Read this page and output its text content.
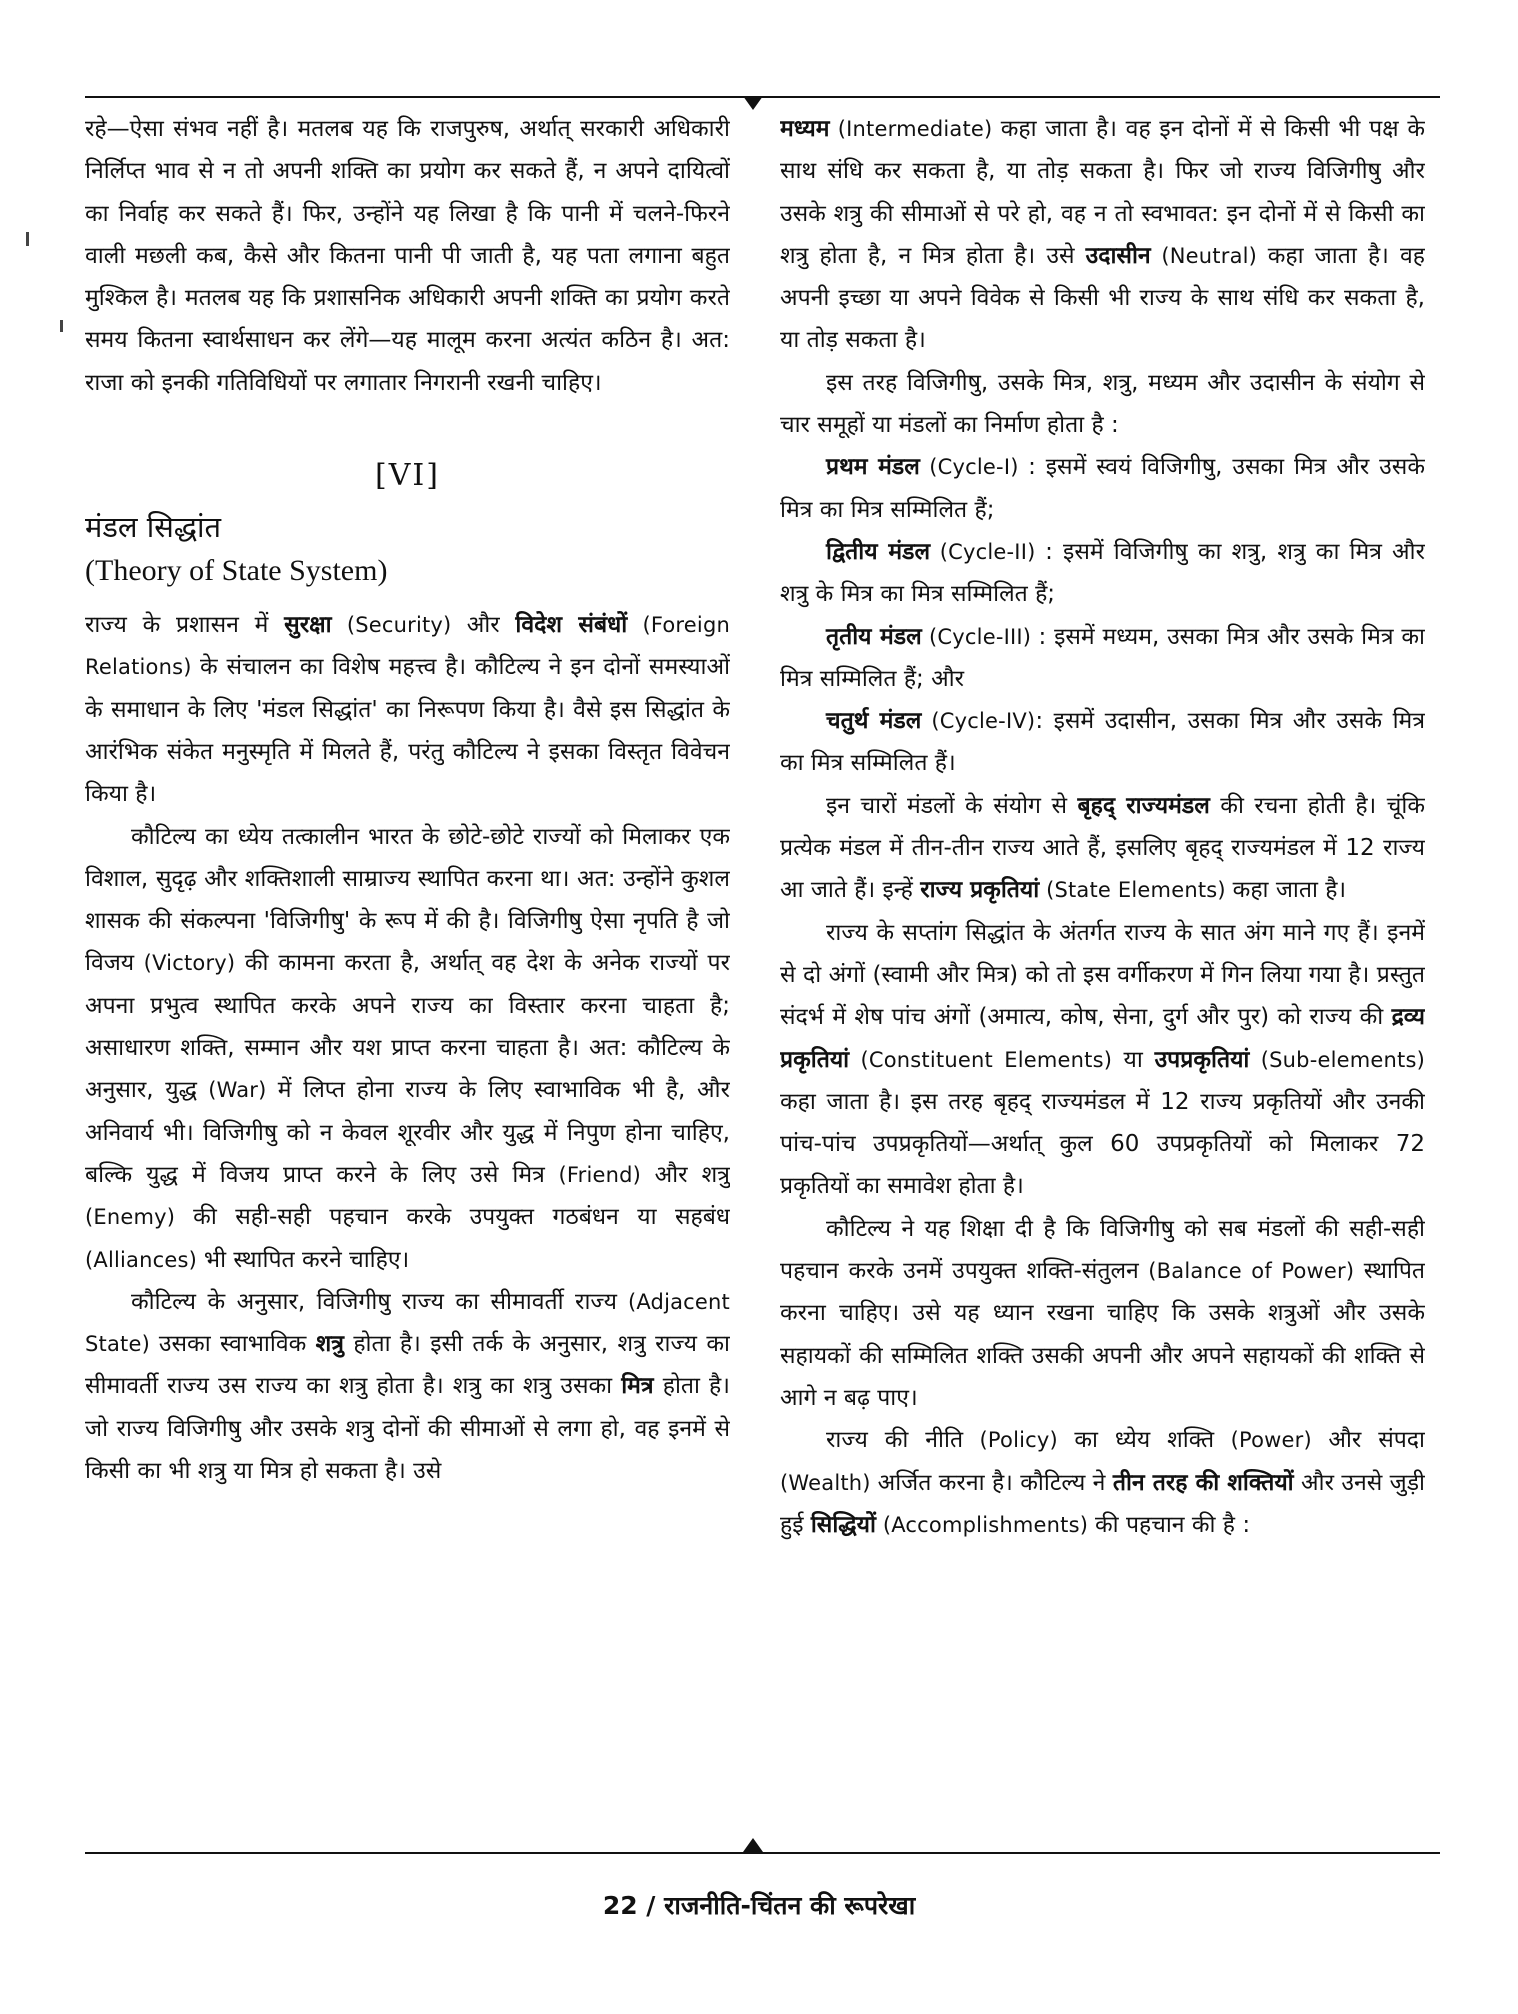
रहे—ऐसा संभव नहीं है। मतलब यह कि राजपुरुष, अर्थात् सरकारी अधिकारी निर्लिप्त भाव से न तो अपनी शक्ति का प्रयोग कर सकते हैं, न अपने दायित्वों का निर्वाह कर सकते हैं। फिर, उन्होंने यह लिखा है कि पानी में चलने-फिरने वाली मछली कब, कैसे और कितना पानी पी जाती है, यह पता लगाना बहुत मुश्किल है। मतलब यह कि प्रशासनिक अधिकारी अपनी शक्ति का प्रयोग करते समय कितना स्वार्थसाधन कर लेंगे—यह मालूम करना अत्यंत कठिन है। अत: राजा को इनकी गतिविधियों पर लगातार निगरानी रखनी चाहिए।

[VI]
मंडल सिद्धांत
(Theory of State System)

राज्य के प्रशासन में सुरक्षा (Security) और विदेश संबंधों (Foreign Relations) के संचालन का विशेष महत्त्व है। कौटिल्य ने इन दोनों समस्याओं के समाधान के लिए 'मंडल सिद्धांत' का निरूपण किया है। वैसे इस सिद्धांत के आरंभिक संकेत मनुस्मृति में मिलते हैं, परंतु कौटिल्य ने इसका विस्तृत विवेचन किया है।

कौटिल्य का ध्येय तत्कालीन भारत के छोटे-छोटे राज्यों को मिलाकर एक विशाल, सुदृढ़ और शक्तिशाली साम्राज्य स्थापित करना था। अत: उन्होंने कुशल शासक की संकल्पना 'विजिगीषु' के रूप में की है। विजिगीषु ऐसा नृपति है जो विजय (Victory) की कामना करता है, अर्थात् वह देश के अनेक राज्यों पर अपना प्रभुत्व स्थापित करके अपने राज्य का विस्तार करना चाहता है; असाधारण शक्ति, सम्मान और यश प्राप्त करना चाहता है। अत: कौटिल्य के अनुसार, युद्ध (War) में लिप्त होना राज्य के लिए स्वाभाविक भी है, और अनिवार्य भी। विजिगीषु को न केवल शूरवीर और युद्ध में निपुण होना चाहिए, बल्कि युद्ध में विजय प्राप्त करने के लिए उसे मित्र (Friend) और शत्रु (Enemy) की सही-सही पहचान करके उपयुक्त गठबंधन या सहबंध (Alliances) भी स्थापित करने चाहिए।

कौटिल्य के अनुसार, विजिगीषु राज्य का सीमावर्ती राज्य (Adjacent State) उसका स्वाभाविक शत्रु होता है। इसी तर्क के अनुसार, शत्रु राज्य का सीमावर्ती राज्य उस राज्य का शत्रु होता है। शत्रु का शत्रु उसका मित्र होता है। जो राज्य विजिगीषु और उसके शत्रु दोनों की सीमाओं से लगा हो, वह इनमें से किसी का भी शत्रु या मित्र हो सकता है। उसे

मध्यम (Intermediate) कहा जाता है। वह इन दोनों में से किसी भी पक्ष के साथ संधि कर सकता है, या तोड़ सकता है। फिर जो राज्य विजिगीषु और उसके शत्रु की सीमाओं से परे हो, वह न तो स्वभावत: इन दोनों में से किसी का शत्रु होता है, न मित्र होता है। उसे उदासीन (Neutral) कहा जाता है। वह अपनी इच्छा या अपने विवेक से किसी भी राज्य के साथ संधि कर सकता है, या तोड़ सकता है।

इस तरह विजिगीषु, उसके मित्र, शत्रु, मध्यम और उदासीन के संयोग से चार समूहों या मंडलों का निर्माण होता है :

प्रथम मंडल (Cycle-I) : इसमें स्वयं विजिगीषु, उसका मित्र और उसके मित्र का मित्र सम्मिलित हैं;

द्वितीय मंडल (Cycle-II) : इसमें विजिगीषु का शत्रु, शत्रु का मित्र और शत्रु के मित्र का मित्र सम्मिलित हैं;

तृतीय मंडल (Cycle-III) : इसमें मध्यम, उसका मित्र और उसके मित्र का मित्र सम्मिलित हैं; और

चतुर्थ मंडल (Cycle-IV): इसमें उदासीन, उसका मित्र और उसके मित्र का मित्र सम्मिलित हैं।

इन चारों मंडलों के संयोग से बृहद् राज्यमंडल की रचना होती है। चूंकि प्रत्येक मंडल में तीन-तीन राज्य आते हैं, इसलिए बृहद् राज्यमंडल में 12 राज्य आ जाते हैं। इन्हें राज्य प्रकृतियां (State Elements) कहा जाता है।

राज्य के सप्तांग सिद्धांत के अंतर्गत राज्य के सात अंग माने गए हैं। इनमें से दो अंगों (स्वामी और मित्र) को तो इस वर्गीकरण में गिन लिया गया है। प्रस्तुत संदर्भ में शेष पांच अंगों (अमात्य, कोष, सेना, दुर्ग और पुर) को राज्य की द्रव्य प्रकृतियां (Constituent Elements) या उपप्रकृतियां (Sub-elements) कहा जाता है। इस तरह बृहद् राज्यमंडल में 12 राज्य प्रकृतियों और उनकी पांच-पांच उपप्रकृतियों—अर्थात् कुल 60 उपप्रकृतियों को मिलाकर 72 प्रकृतियों का समावेश होता है।

कौटिल्य ने यह शिक्षा दी है कि विजिगीषु को सब मंडलों की सही-सही पहचान करके उनमें उपयुक्त शक्ति-संतुलन (Balance of Power) स्थापित करना चाहिए। उसे यह ध्यान रखना चाहिए कि उसके शत्रुओं और उसके सहायकों की सम्मिलित शक्ति उसकी अपनी और अपने सहायकों की शक्ति से आगे न बढ़ पाए।

राज्य की नीति (Policy) का ध्येय शक्ति (Power) और संपदा (Wealth) अर्जित करना है। कौटिल्य ने तीन तरह की शक्तियों और उनसे जुड़ी हुई सिद्धियों (Accomplishments) की पहचान की है :

22 / राजनीति-चिंतन की रूपरेखा
